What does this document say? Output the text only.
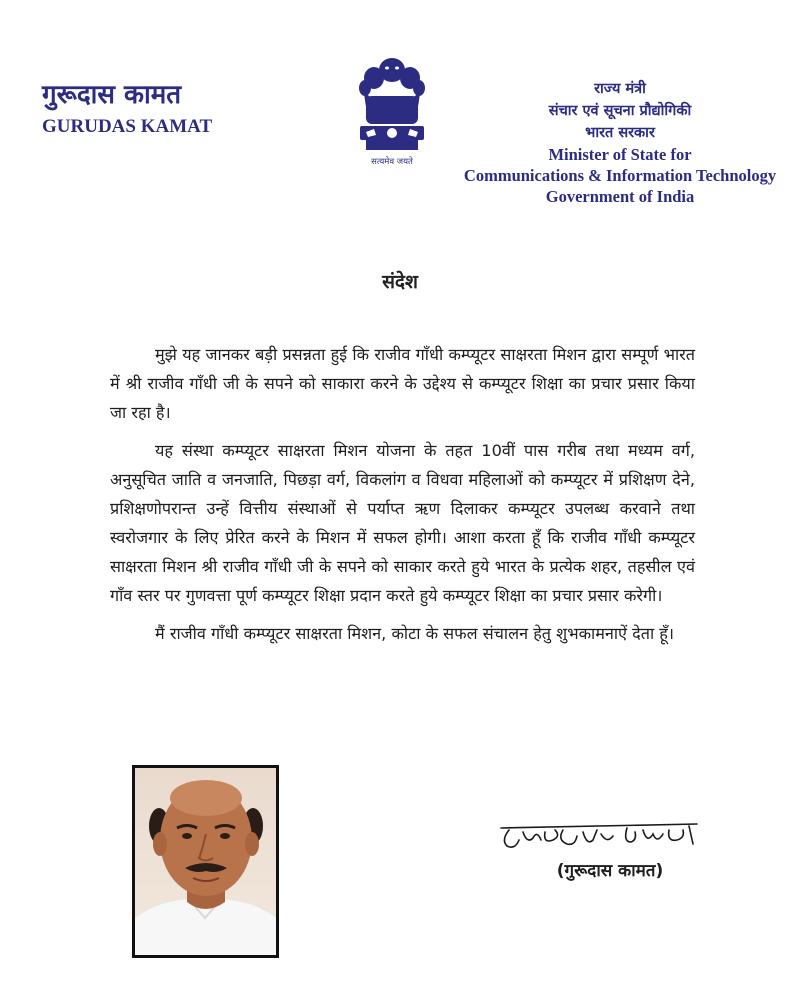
गुरूदास कामत
GURUDAS KAMAT
सत्यमेव जयते
राज्य मंत्री
संचार एवं सूचना प्रौद्योगिकी
भारत सरकार
Minister of State for
Communications & Information Technology
Government of India
संदेश

मुझे यह जानकर बड़ी प्रसन्नता हुई कि राजीव गाँधी कम्प्यूटर साक्षरता मिशन द्वारा सम्पूर्ण भारत में श्री राजीव गाँधी जी के सपने को साकारा करने के उद्देश्य से कम्प्यूटर शिक्षा का प्रचार प्रसार किया जा रहा है।

यह संस्था कम्प्यूटर साक्षरता मिशन योजना के तहत 10वीं पास गरीब तथा मध्यम वर्ग, अनुसूचित जाति व जनजाति, पिछड़ा वर्ग, विकलांग व विधवा महिलाओं को कम्प्यूटर में प्रशिक्षण देने, प्रशिक्षणोपरान्त उन्हें वित्तीय संस्थाओं से पर्याप्त ऋण दिलाकर कम्प्यूटर उपलब्ध करवाने तथा स्वरोजगार के लिए प्रेरित करने के मिशन में सफल होगी। आशा करता हूँ कि राजीव गाँधी कम्प्यूटर साक्षरता मिशन श्री राजीव गाँधी जी के सपने को साकार करते हुये भारत के प्रत्येक शहर, तहसील एवं गाँव स्तर पर गुणवत्ता पूर्ण कम्प्यूटर शिक्षा प्रदान करते हुये कम्प्यूटर शिक्षा का प्रचार प्रसार करेगी।

मैं राजीव गाँधी कम्प्यूटर साक्षरता मिशन, कोटा के सफल संचालन हेतु शुभकामनाऐं देता हूँ।

(गुरूदास कामत)
